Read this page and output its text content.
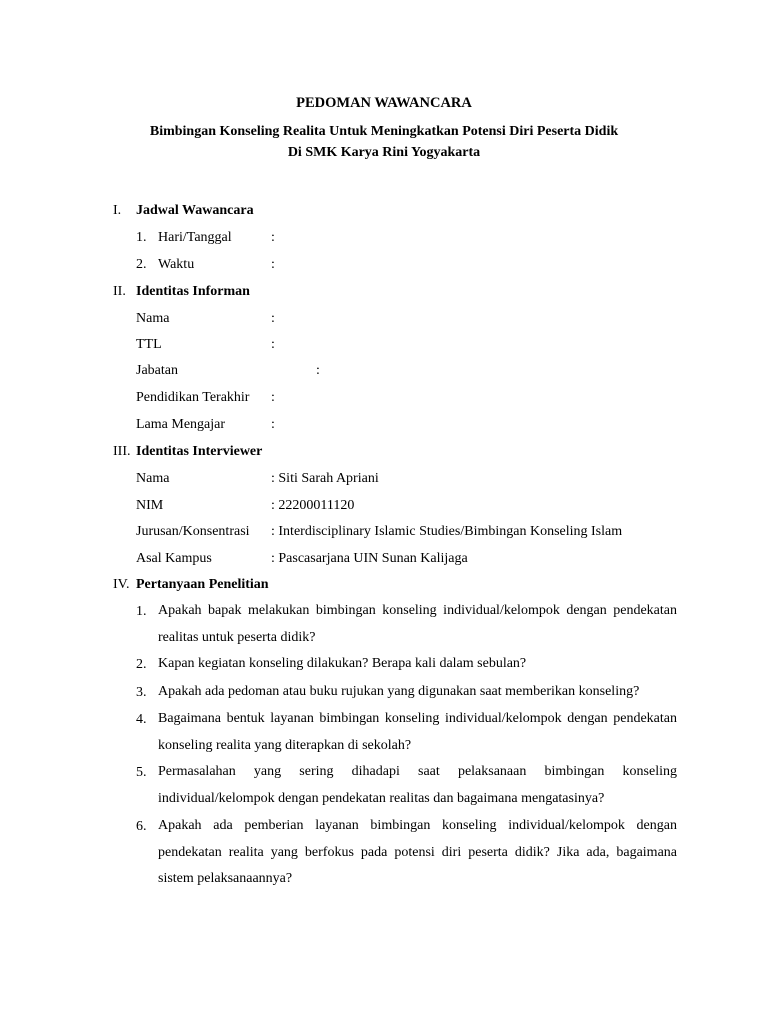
PEDOMAN WAWANCARA
Bimbingan Konseling Realita Untuk Meningkatkan Potensi Diri Peserta Didik
Di SMK Karya Rini Yogyakarta
I. Jadwal Wawancara
1. Hari/Tanggal	:
2. Waktu	:
II. Identitas Informan
Nama	:
TTL	:
Jabatan	:
Pendidikan Terakhir :
Lama Mengajar	:
III. Identitas Interviewer
Nama	: Siti Sarah Apriani
NIM	: 22200011120
Jurusan/Konsentrasi : Interdisciplinary Islamic Studies/Bimbingan Konseling Islam
Asal Kampus	: Pascasarjana UIN Sunan Kalijaga
IV. Pertanyaan Penelitian
1. Apakah bapak melakukan bimbingan konseling individual/kelompok dengan pendekatan realitas untuk peserta didik?
2. Kapan kegiatan konseling dilakukan? Berapa kali dalam sebulan?
3. Apakah ada pedoman atau buku rujukan yang digunakan saat memberikan konseling?
4. Bagaimana bentuk layanan bimbingan konseling individual/kelompok dengan pendekatan konseling realita yang diterapkan di sekolah?
5. Permasalahan yang sering dihadapi saat pelaksanaan bimbingan konseling individual/kelompok dengan pendekatan realitas dan bagaimana mengatasinya?
6. Apakah ada pemberian layanan bimbingan konseling individual/kelompok dengan pendekatan realita yang berfokus pada potensi diri peserta didik? Jika ada, bagaimana sistem pelaksanaannya?
